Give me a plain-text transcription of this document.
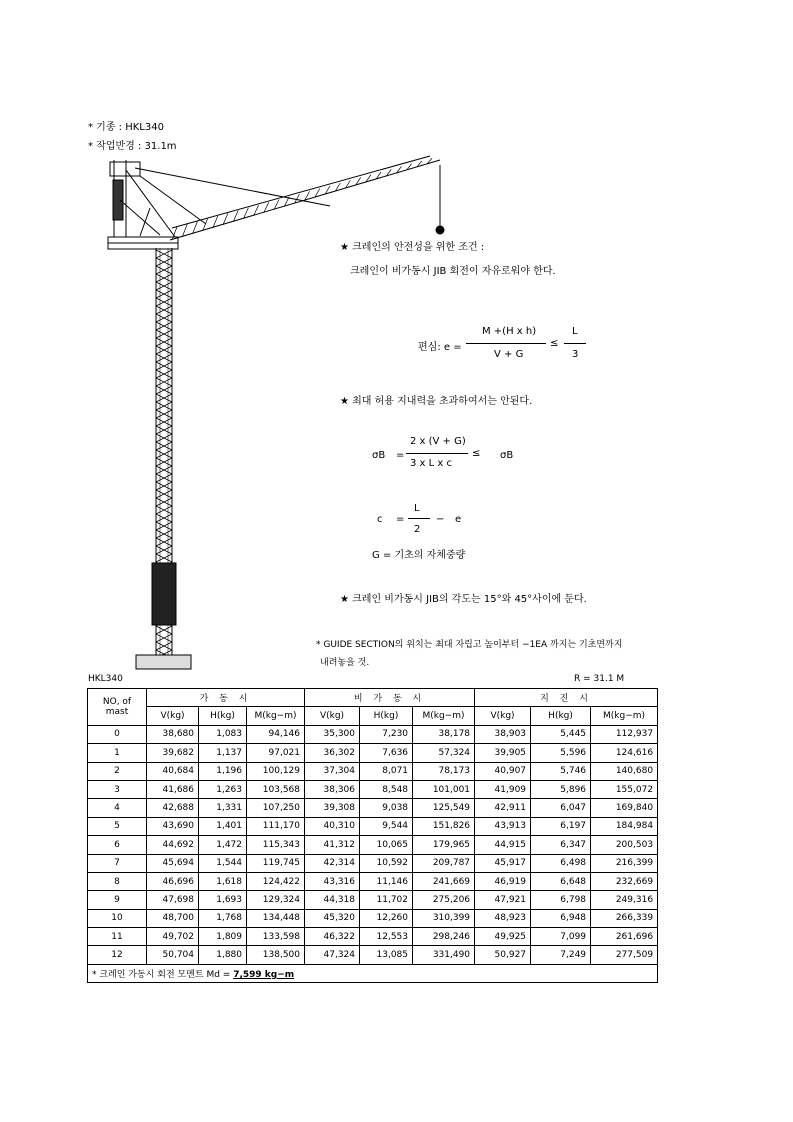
* 기종 : HKL340
* 작업반경 : 31.1m
★ 크레인의 안전성을 위한 조건 :
크레인이 비가동시 JIB 회전이 자유로워야 한다.
편심: e =
M +(H x h)
V + G
≤
L
3
★ 최대 허용 지내력을 초과하여서는 안된다.
σB =
2 x (V + G)
3 x L x c
≤ σB
c =
L
2
− e
G = 기초의 자체중량
★ 크레인 비가동시 JIB의 각도는 15°와 45°사이에 둔다.
* GUIDE SECTION의 위치는 최대 자립고 높이부터 −1EA 까지는 기초면까지
내려놓을 것.
HKL340	R = 31.1 M
NO, of mast	가 동 시			비 가 동 시			지 진 시		
	V(kg)	H(kg)	M(kg−m)	V(kg)	H(kg)	M(kg−m)	V(kg)	H(kg)	M(kg−m)
0	38,680	1,083	94,146	35,300	7,230	38,178	38,903	5,445	112,937
1	39,682	1,137	97,021	36,302	7,636	57,324	39,905	5,596	124,616
2	40,684	1,196	100,129	37,304	8,071	78,173	40,907	5,746	140,680
3	41,686	1,263	103,568	38,306	8,548	101,001	41,909	5,896	155,072
4	42,688	1,331	107,250	39,308	9,038	125,549	42,911	6,047	169,840
5	43,690	1,401	111,170	40,310	9,544	151,826	43,913	6,197	184,984
6	44,692	1,472	115,343	41,312	10,065	179,965	44,915	6,347	200,503
7	45,694	1,544	119,745	42,314	10,592	209,787	45,917	6,498	216,399
8	46,696	1,618	124,422	43,316	11,146	241,669	46,919	6,648	232,669
9	47,698	1,693	129,324	44,318	11,702	275,206	47,921	6,798	249,316
10	48,700	1,768	134,448	45,320	12,260	310,399	48,923	6,948	266,339
11	49,702	1,809	133,598	46,322	12,553	298,246	49,925	7,099	261,696
12	50,704	1,880	138,500	47,324	13,085	331,490	50,927	7,249	277,509
* 크레인 가동시 회전 모멘트 Md = 7,599 kg−m									
